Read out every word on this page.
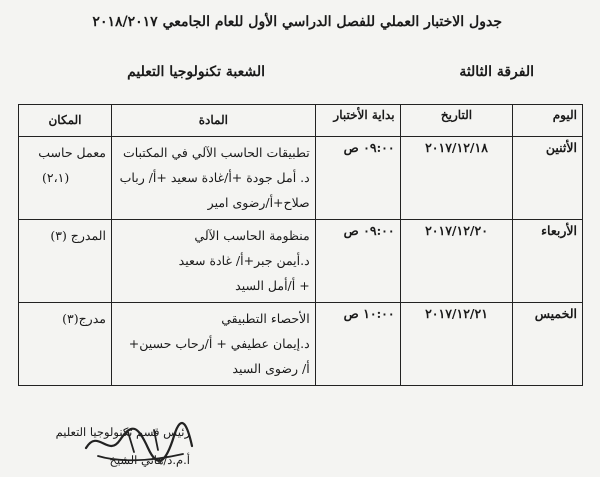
جدول الاختبار العملي للفصل الدراسي الأول للعام الجامعي ٢٠١٨/٢٠١٧
الشعبة تكنولوجيا التعليم	الفرقة الثالثة
اليوم	التاريخ	بداية الأختبار	المادة	المكان
الأثنين	٢٠١٧/١٢/١٨	٠٩:٠٠ ص	تطبيقات الحاسب الآلي في المكتبات
د. أمل جودة +أ/غادة سعيد +أ/ رباب
صلاح+أ/رضوى امير	معمل حاسب
(٢،١)

الأربعاء	٢٠١٧/١٢/٢٠	٠٩:٠٠ ص	منظومة الحاسب الآلي
د.أيمن جبر+أ/ غادة سعيد
+ أ/أمل السيد	المدرج (٣)

الخميس	٢٠١٧/١٢/٢١	١٠:٠٠ ص	الأحصاء التطبيقي
د.إيمان عطيفي + أ/رحاب حسين+
أ/ رضوى السيد	مدرج(٣)
رئيس قسم تكنولوجيا التعليم
أ.م.د/هاني الشيخ
